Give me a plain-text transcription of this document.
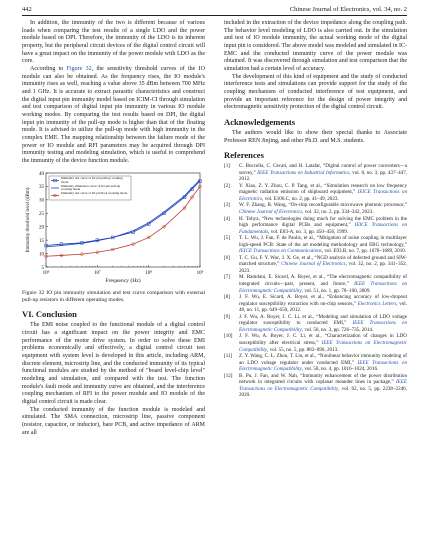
442	Chinese Journal of Electronics, vol. 34, no. 2

In addition, the immunity of the two is different because of various loads when comparing the test results of a single LDO and the power module based on DPI. Therefore, the immunity of the LDO is its inherent property, but the peripheral circuit devices of the digital control circuit will have a great impact on the immunity of the power module with LDO as the core.

According to Figure 32, the sensitivity threshold curves of the IO module can also be obtained. As the frequency rises, the IO module's immunity rises as well, reaching a value above 35 dBm between 700 MHz and 1 GHz. It is accurate to extract parasitic characteristics and construct the digital input pin immunity model based on ICIM-CI through simulation and test comparison of digital input pin immunity in various IO module working modes. By comparing the test results based on DPI, the digital input pin immunity of the pull-up mode is higher than that of the floating mode. It is advised to utilize the pull-up mode with high immunity in the complex EME. The mapping relationship between the failure mode of the power or IO module and RFI parameters may be acquired through DPI immunity testing and modeling simulation, which is useful to comprehend the immunity of the device function module.

5
10
15
20
25
30
35
40
10⁶	10⁷	10⁸	10⁹
Frequency (Hz)
Immunity threshold level (dBm)
Immunity test curve of IO pin pull-up working mode
Immunity simulation curve of IO pin pull-up working mode
Immunity test curve of IO pin float working mode
Figure 32 IO pin immunity simulation and test curve comparison with external pull-up resistors in different operating modes.
VI. Conclusion

The EMI noise coupled to the functional module of a digital control circuit has a significant impact on the power integrity and EMC performance of the motor drive system. In order to solve these EMI problems economically and effectively, a digital control circuit test equipment with system level is developed in this article, including ARM, discrete element, microstrip line, and the conducted immunity of its typical functional modules are studied by the method of "board level-chip level" modeling and simulation, and compared with the test. The function module's fault mode and immunity curve are obtained, and the interference coupling mechanism of RFI to the power module and IO module of the digital control circuit is made clear.

The conducted immunity of the function module is modeled and simulated. The SMA connection, microstrip line, passive component (resistor, capacitor, or inductor), bare PCB, and active impedance of ARM are all

included in the extraction of the device impedance along the coupling path. The behavior level modeling of LDO is also carried out. In the simulation and test of IO module immunity, the actual working mode of the digital input pin is considered. The above model was modeled and simulated in IC-EMC and the conducted immunity curve of the power module was obtained. It was discovered through simulation and test comparison that the simulation had a certain level of accuracy.

The development of this kind of equipment and the study of conducted interference tests and simulations can provide support for the study of the coupling mechanism of conducted interference of test equipment, and provide an important reference for the design of power integrity and electromagnetic sensitivity protection of the digital control circuit.

Acknowledgements

The authors would like to show their special thanks to Associate Professor REN Jinjing, and other Ph.D. and M.S. students.

References
[1] C. Buccella, C. Cecati, and H. Latafat, “Digital control of power converters—a survey,” IEEE Transactions on Industrial Informatics, vol. 8, no. 3, pp. 437–447, 2012.
[2] Y. Xiao, Z. Y. Zhou, C. P. Tang, et al., “Simulation research on low frequency magnetic radiation emission of shipboard equipment,” IEICE Transactions on Electronics, vol. E106.C, no. 2, pp. 41–49, 2023.
[3] W. F. Zhang, B. Wang, “On-chip reconfigurable microwave photonic processor,” Chinese Journal of Electronics, vol. 32, no. 2, pp. 334–342, 2023.
[4] H. Tohya, “New technologies doing much for solving the EMC problem in the high performance digital PCBs and equipment,” IEICE Transactions on Fundamentals, vol. E83-A, no. 3, pp. 450–456, 1999.
[5] T. L. Wu, J. Fan, F. de Paulis, et al., “Mitigation of noise coupling in multilayer high-speed PCB: State of the art modeling methodology and EBG technology,” IEICE Transactions on Communications, vol. E93.B, no. 7, pp. 1678–1689, 2010.
[6] T. C. Gu, F. Y. Wac, J. X. Ge, et al., “NGD analysis of defected ground and SIW-matched structure,” Chinese Journal of Electronics, vol. 32, no. 2, pp. 341–352, 2023.
[7] M. Ramdani, E. Sicard, A. Boyer, et al., “The electromagnetic compatibility of integrated circuits—past, present, and future,” IEEE Transactions on Electromagnetic Compatibility, vol. 51, no. 1, pp. 78–100, 2009.
[8] J. F. Wu, E. Sicard, A. Boyer, et al., “Enhancing accuracy of low-dropout regulator susceptibility extraction with on-chip sensors,” Electronics Letters, vol. 48, no. 11, pp. 649–650, 2012.
[9] J. F. Wu, A. Boyer, J. C. Li, et al., “Modeling and simulation of LDO voltage regulator susceptibility to conducted EMI,” IEEE Transactions on Electromagnetic Compatibility, vol. 56, no. 3, pp. 726–735, 2014.
[10] J. F. Wu, A. Boyer, J. C. Li, et al., “Characterization of changes in LDO susceptibility after electrical stress,” IEEE Transactions on Electromagnetic Compatibility, vol. 55, no. 5, pp. 883–890, 2013.
[11] Z. Y. Wang, C. L. Zhou, T. Liu, et al., “Nonlinear behavior immunity modeling of an LDO voltage regulator under conducted EMI,” IEEE Transactions on Electromagnetic Compatibility, vol. 58, no. 4, pp. 1016–1024, 2016.
[12] B. Pu, J. Fan, and W. Nah, “Immunity enhancement of the power distribution network in integrated circuits with coplanar meander lines in package,” IEEE Transactions on Electromagnetic Compatibility, vol. 62, no. 5, pp. 2238–2246, 2020.
